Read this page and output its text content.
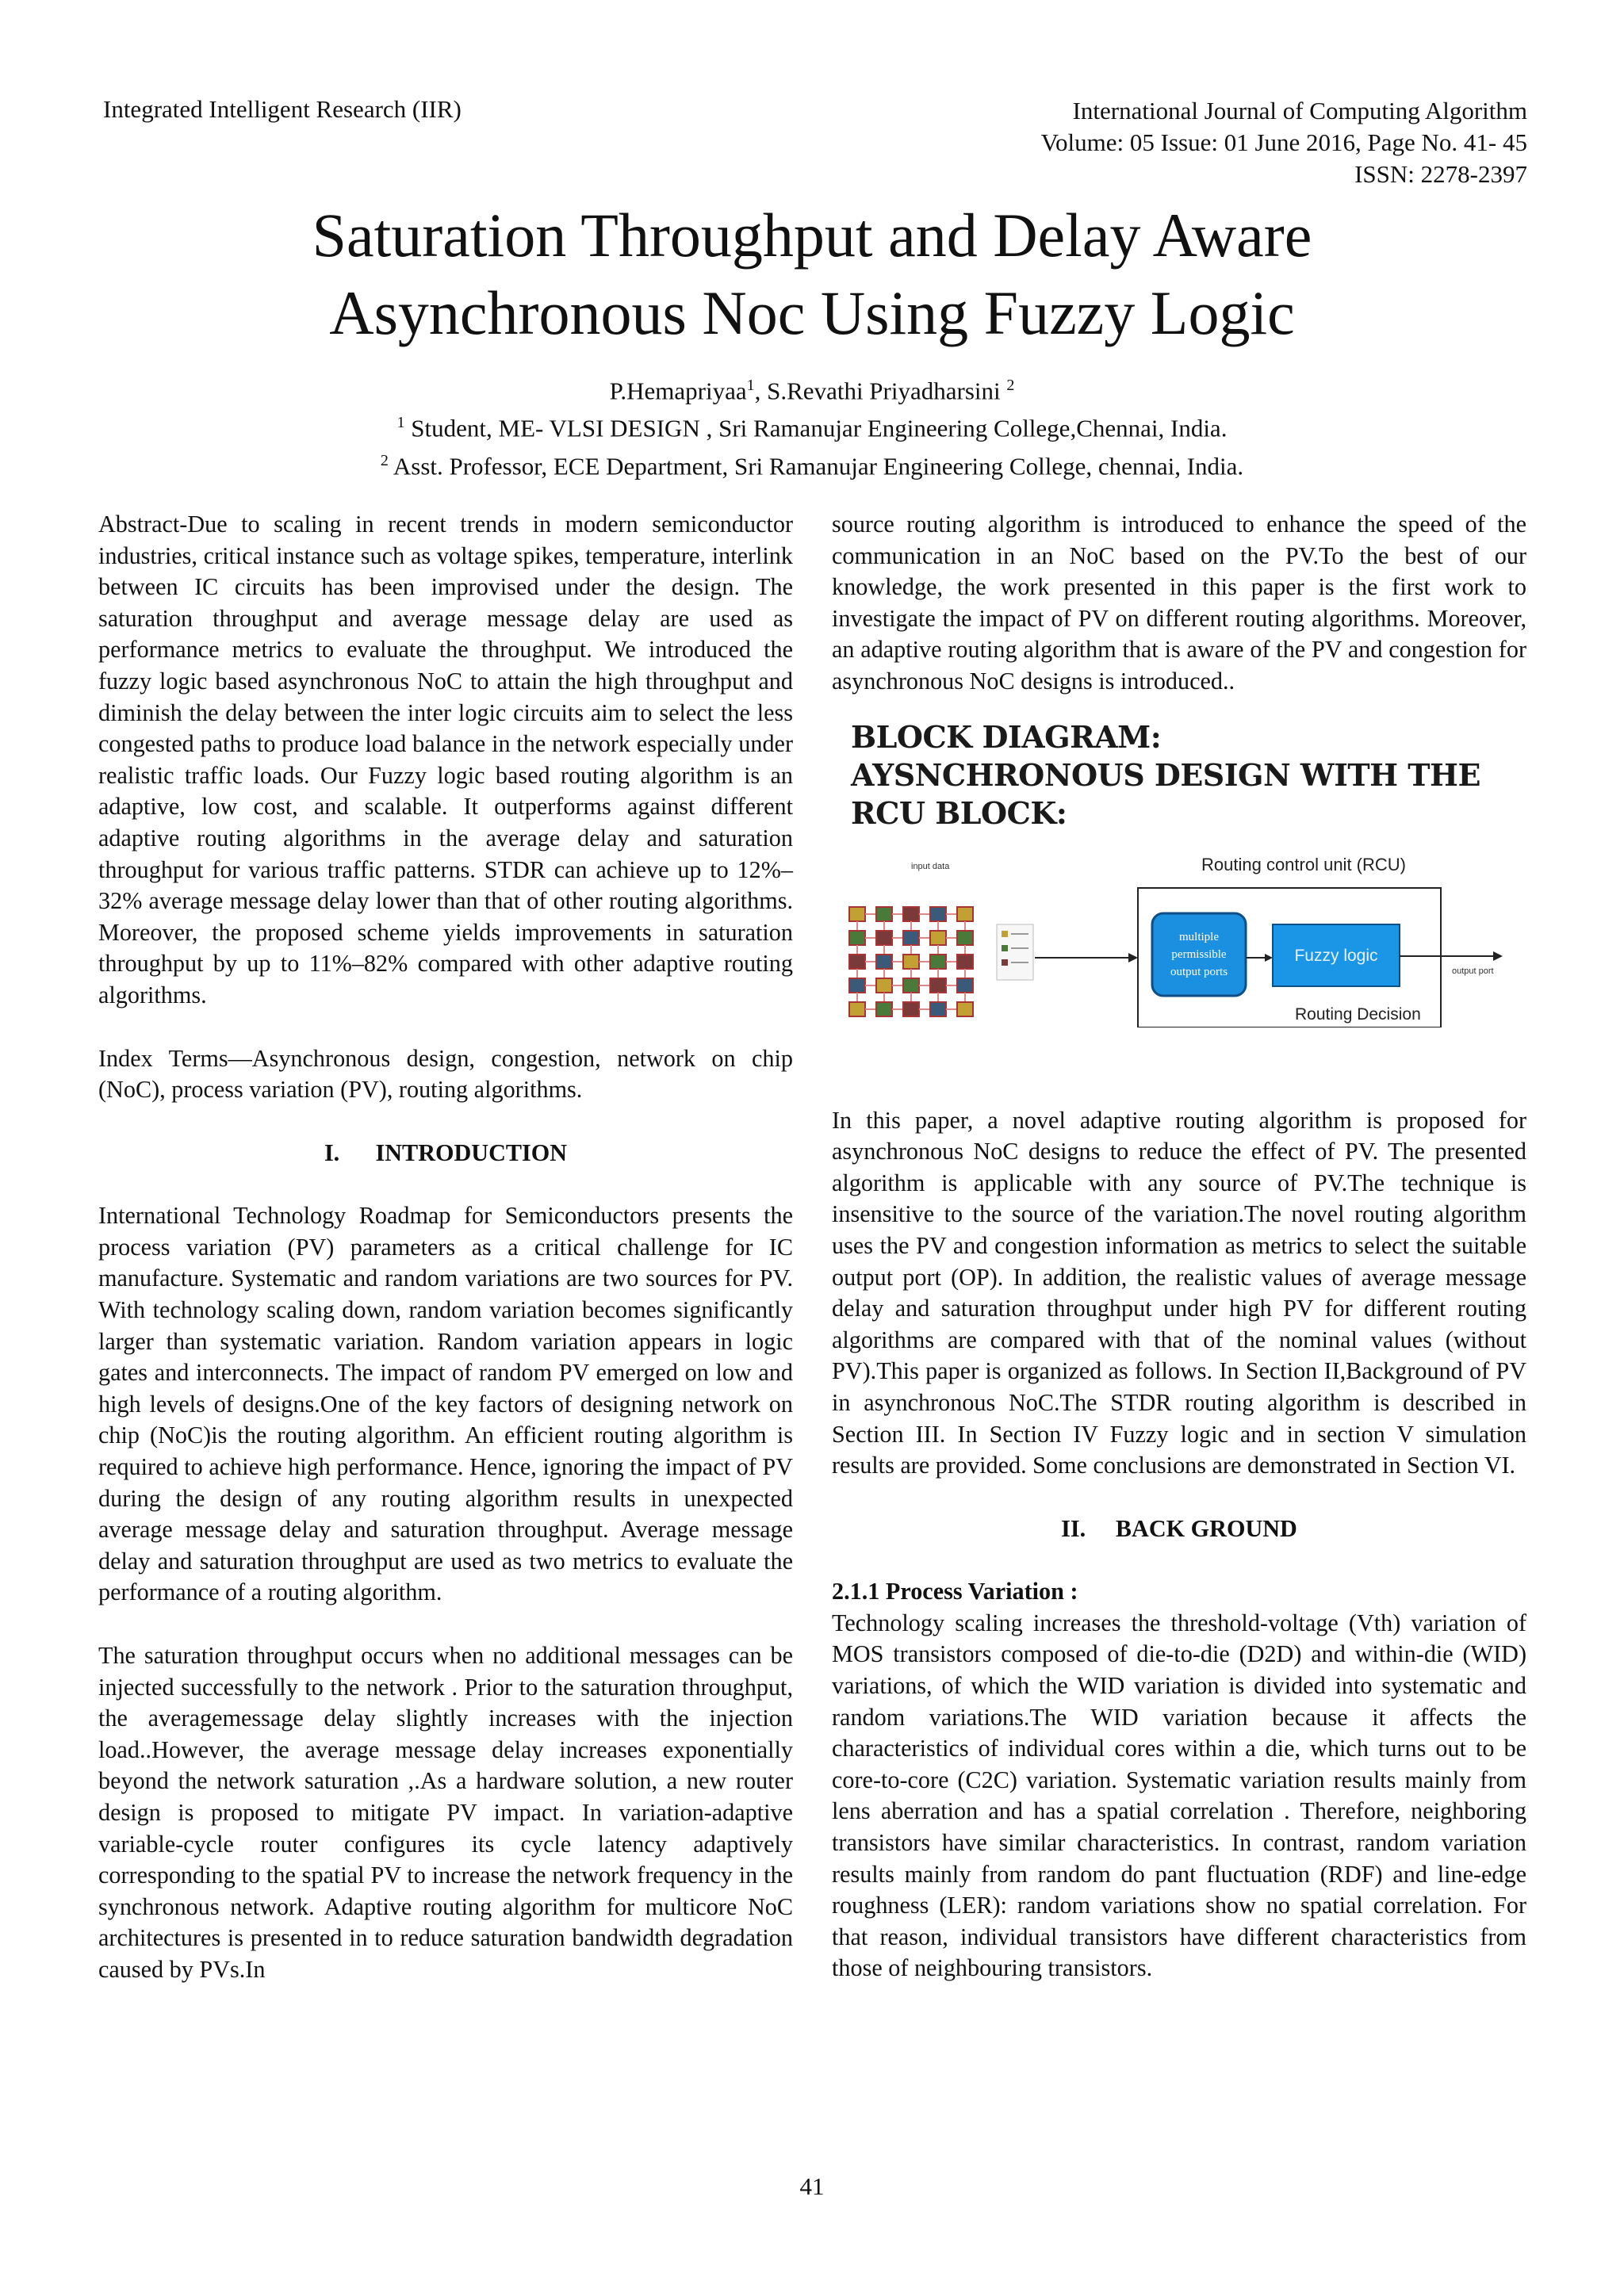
Integrated Intelligent Research (IIR)	International Journal of Computing Algorithm
Volume: 05 Issue: 01 June 2016, Page No. 41- 45
ISSN: 2278-2397
Saturation Throughput and Delay Aware
Asynchronous Noc Using Fuzzy Logic
P.Hemapriyaa$^1$, S.Revathi Priyadharsini $^2$
$^1$ Student, ME- VLSI DESIGN , Sri Ramanujar Engineering College,Chennai, India.
$^2$ Asst. Professor, ECE Department, Sri Ramanujar Engineering College, chennai, India.

Abstract-Due to scaling in recent trends in modern semiconductor industries, critical instance such as voltage spikes, temperature, interlink between IC circuits has been improvised under the design. The saturation throughput and average message delay are used as performance metrics to evaluate the throughput. We introduced the fuzzy logic based asynchronous NoC to attain the high throughput and diminish the delay between the inter logic circuits aim to select the less congested paths to produce load balance in the network especially under realistic traffic loads. Our Fuzzy logic based routing algorithm is an adaptive, low cost, and scalable. It outperforms against different adaptive routing algorithms in the average delay and saturation throughput for various traffic patterns. STDR can achieve up to 12%–32% average message delay lower than that of other routing algorithms. Moreover, the proposed scheme yields improvements in saturation throughput by up to 11%–82% compared with other adaptive routing algorithms.

Index Terms—Asynchronous design, congestion, network on chip (NoC), process variation (PV), routing algorithms.

I.      INTRODUCTION

International Technology Roadmap for Semiconductors presents the process variation (PV) parameters as a critical challenge for IC manufacture. Systematic and random variations are two sources for PV. With technology scaling down, random variation becomes significantly larger than systematic variation. Random variation appears in logic gates and interconnects. The impact of random PV emerged on low and high levels of designs.One of the key factors of designing network on chip (NoC)is the routing algorithm. An efficient routing algorithm is required to achieve high performance. Hence, ignoring the impact of PV during the design of any routing algorithm results in unexpected average message delay and saturation throughput. Average message delay and saturation throughput are used as two metrics to evaluate the performance of a routing algorithm.

The saturation throughput occurs when no additional messages can be injected successfully to the network . Prior to the saturation throughput, the averagemessage delay slightly increases with the injection load..However, the average message delay increases exponentially beyond the network saturation ,.As a hardware solution, a new router design is proposed to mitigate PV impact. In variation-adaptive variable-cycle router configures its cycle latency adaptively corresponding to the spatial PV to increase the network frequency in the synchronous network. Adaptive routing algorithm for multicore NoC architectures is presented in to reduce saturation bandwidth degradation caused by PVs.In

source routing algorithm is introduced to enhance the speed of the communication in an NoC based on the PV.To the best of our knowledge, the work presented in this paper is the first work to investigate the impact of PV on different routing algorithms. Moreover, an adaptive routing algorithm that is aware of the PV and congestion for asynchronous NoC designs is introduced..

BLOCK DIAGRAM:
AYSNCHRONOUS DESIGN WITH THE
RCU BLOCK:
input data	Routing control unit (RCU)
multiple
permissible
output ports
Fuzzy logic
Routing Decision
output port

In this paper, a novel adaptive routing algorithm is proposed for asynchronous NoC designs to reduce the effect of PV. The presented algorithm is applicable with any source of PV.The technique is insensitive to the source of the variation.The novel routing algorithm uses the PV and congestion information as metrics to select the suitable output port (OP). In addition, the realistic values of average message delay and saturation throughput under high PV for different routing algorithms are compared with that of the nominal values (without PV).This paper is organized as follows. In Section II,Background of PV in asynchronous NoC.The STDR routing algorithm is described in Section III. In Section IV Fuzzy logic and in section V simulation results are provided. Some conclusions are demonstrated in Section VI.

II.     BACK GROUND

2.1.1 Process Variation :

Technology scaling increases the threshold-voltage (Vth) variation of MOS transistors composed of die-to-die (D2D) and within-die (WID) variations, of which the WID variation is divided into systematic and random variations.The WID variation because it affects the characteristics of individual cores within a die, which turns out to be core-to-core (C2C) variation. Systematic variation results mainly from lens aberration and has a spatial correlation . Therefore, neighboring transistors have similar characteristics. In contrast, random variation results mainly from random do pant fluctuation (RDF) and line-edge roughness (LER): random variations show no spatial correlation. For that reason, individual transistors have different characteristics from those of neighbouring transistors.

41
